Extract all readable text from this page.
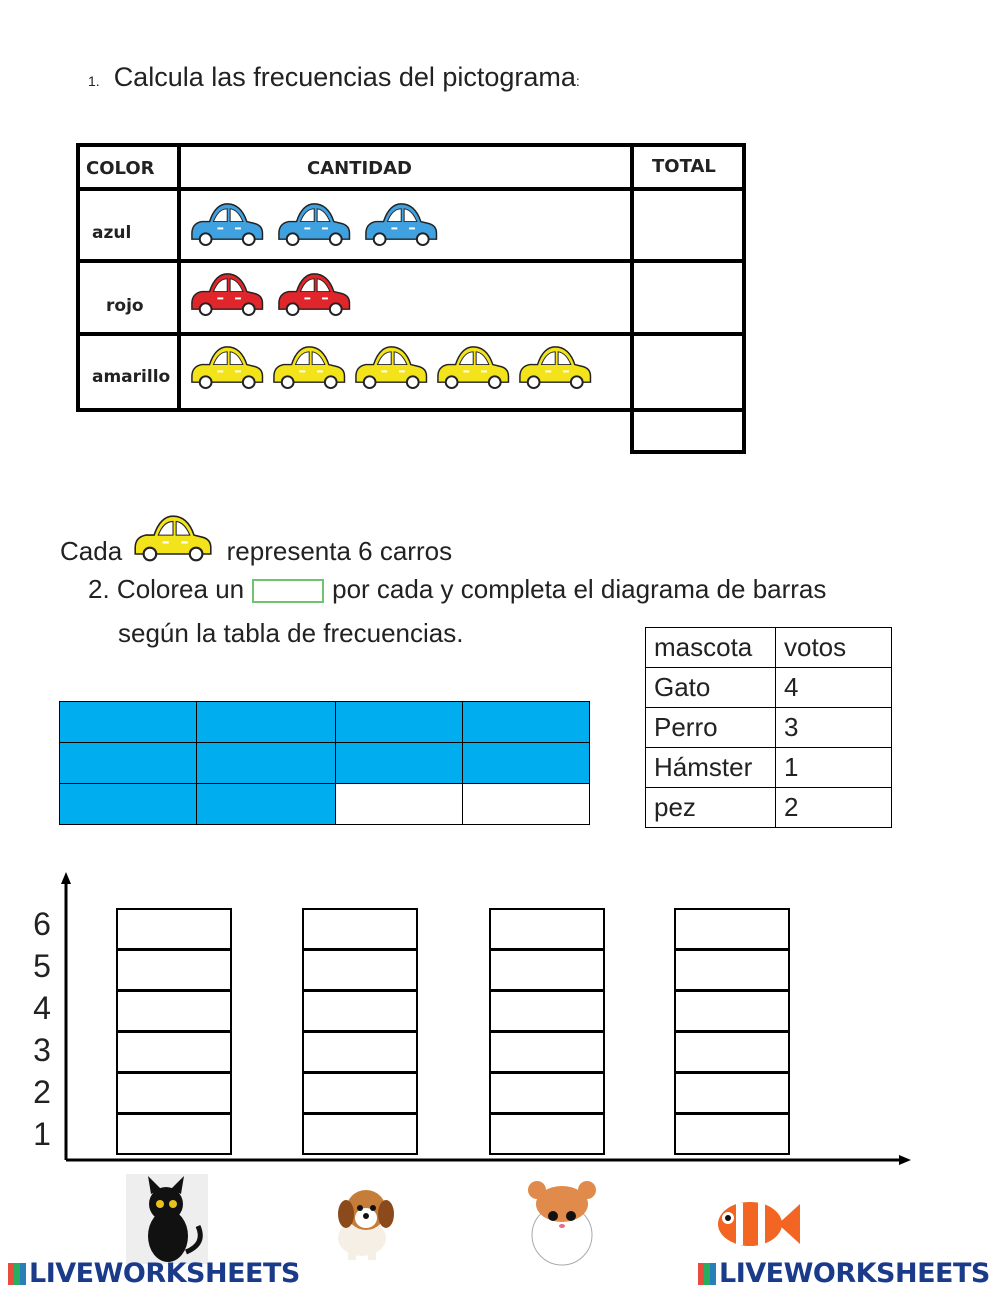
1. Calcula las frecuencias del pictograma:
COLOR	CANTIDAD	TOTAL
azul
rojo
amarillo
Cada	representa 6 carros
2. Colorea un	por cada y completa el diagrama de barras
según la tabla de frecuencias.	mascota	votos
Gato	4
Perro	3
Hámster	1
pez	2
6
5
4
3
2
1
LIVEWORKSHEETS	LIVEWORKSHEETS
